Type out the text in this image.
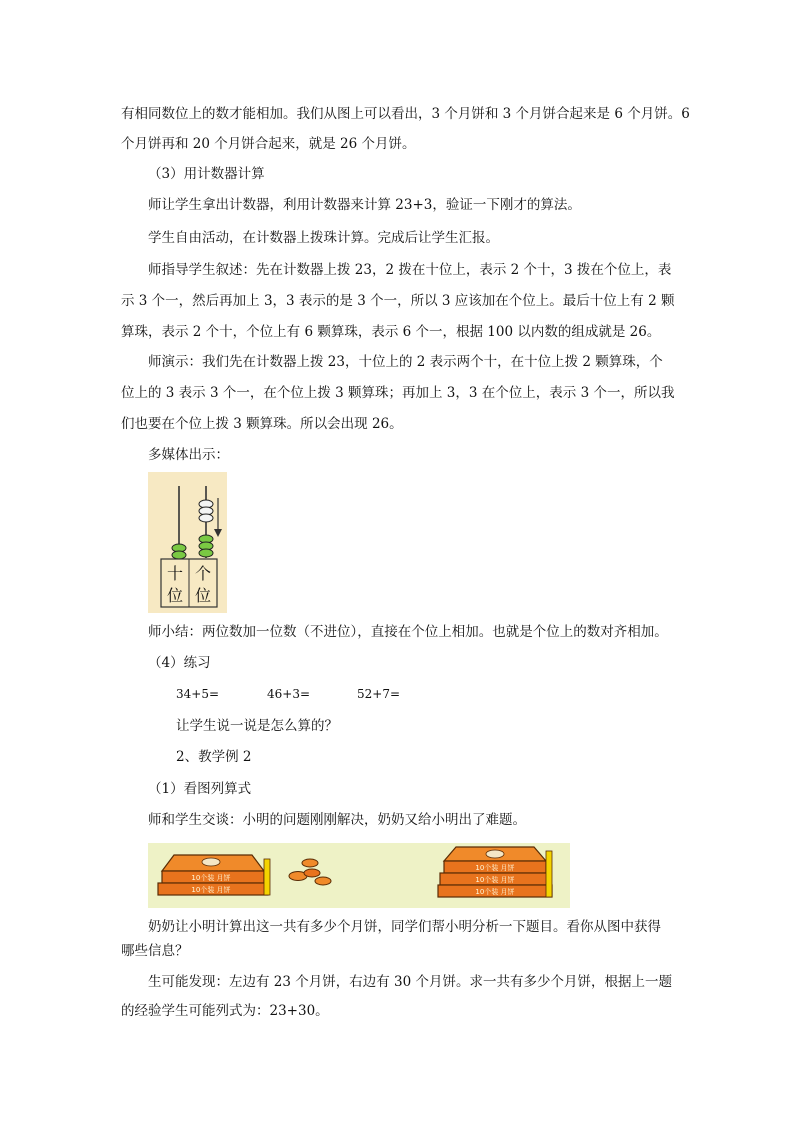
有相同数位上的数才能相加。我们从图上可以看出，3 个月饼和 3 个月饼合起来是 6 个月饼。6
个月饼再和 20 个月饼合起来，就是 26 个月饼。
（3）用计数器计算
师让学生拿出计数器，利用计数器来计算 23+3，验证一下刚才的算法。
学生自由活动，在计数器上拨珠计算。完成后让学生汇报。
师指导学生叙述：先在计数器上拨 23，2 拨在十位上，表示 2 个十，3 拨在个位上，表
示 3 个一，然后再加上 3，3 表示的是 3 个一，所以 3 应该加在个位上。最后十位上有 2 颗
算珠，表示 2 个十，个位上有 6 颗算珠，表示 6 个一，根据 100 以内数的组成就是 26。
师演示：我们先在计数器上拨 23，十位上的 2 表示两个十，在十位上拨 2 颗算珠，个
位上的 3 表示 3 个一，在个位上拨 3 颗算珠；再加上 3，3 在个位上，表示 3 个一，所以我
们也要在个位上拨 3 颗算珠。所以会出现 26。
多媒体出示：
十 个
位 位
师小结：两位数加一位数（不进位），直接在个位上相加。也就是个位上的数对齐相加。
（4）练习
34+5=	46+3=	52+7=
让学生说一说是怎么算的？
2、教学例 2
（1）看图列算式
师和学生交谈：小明的问题刚刚解决，奶奶又给小明出了难题。
10个装 月饼
10个装 月饼
10个装 月饼
10个装 月饼
10个装 月饼
奶奶让小明计算出这一共有多少个月饼，同学们帮小明分析一下题目。看你从图中获得
哪些信息？
生可能发现：左边有 23 个月饼，右边有 30 个月饼。求一共有多少个月饼，根据上一题
的经验学生可能列式为：23+30。
